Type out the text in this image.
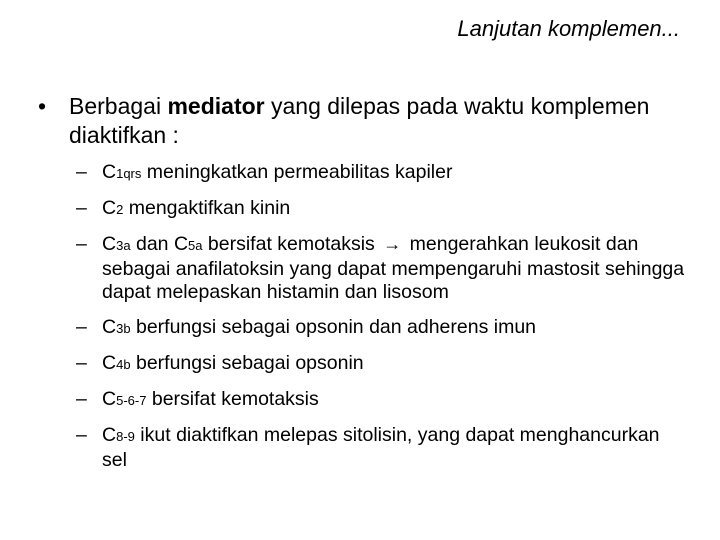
Lanjutan komplemen...
• Berbagai mediator yang dilepas pada waktu komplemen diaktifkan :
– C1qrs meningkatkan permeabilitas kapiler
– C2 mengaktifkan kinin
– C3a dan C5a bersifat kemotaksis → mengerahkan leukosit dan sebagai anafilatoksin yang dapat mempengaruhi mastosit sehingga dapat melepaskan histamin dan lisosom
– C3b berfungsi sebagai opsonin dan adherens imun
– C4b berfungsi sebagai opsonin
– C5-6-7 bersifat kemotaksis
– C8-9 ikut diaktifkan melepas sitolisin, yang dapat menghancurkan sel
